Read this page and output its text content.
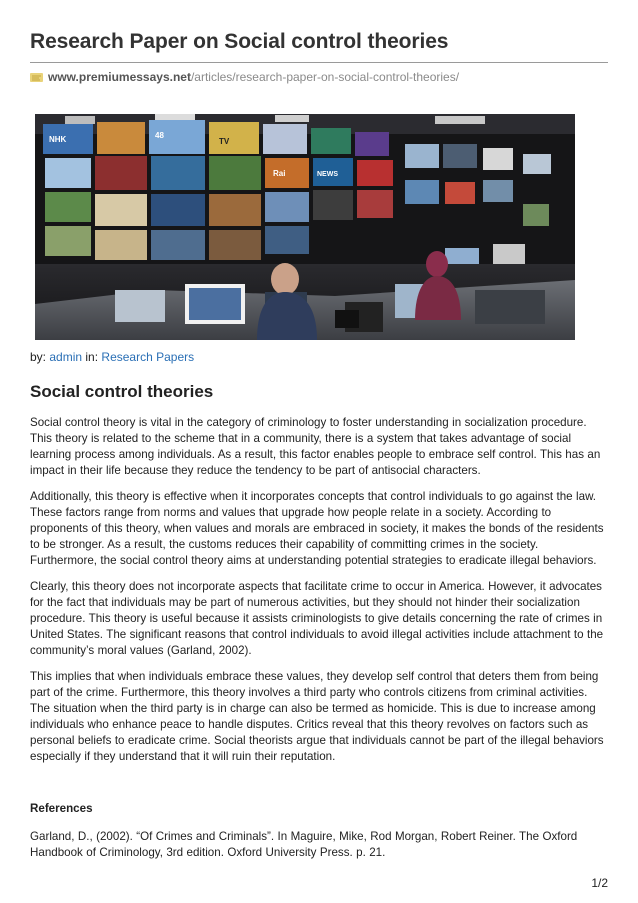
Research Paper on Social control theories
www.premiumessays.net/articles/research-paper-on-social-control-theories/
NHK	48
TV
Rai	NEWS
by: admin in: Research Papers
Social control theories

Social control theory is vital in the category of criminology to foster understanding in socialization procedure. This theory is related to the scheme that in a community, there is a system that takes advantage of social learning process among individuals. As a result, this factor enables people to embrace self control. This has an impact in their life because they reduce the tendency to be part of antisocial characters.

Additionally, this theory is effective when it incorporates concepts that control individuals to go against the law. These factors range from norms and values that upgrade how people relate in a society. According to proponents of this theory, when values and morals are embraced in society, it makes the bonds of the residents to be stronger. As a result, the customs reduces their capability of committing crimes in the society. Furthermore, the social control theory aims at understanding potential strategies to eradicate illegal behaviors.

Clearly, this theory does not incorporate aspects that facilitate crime to occur in America. However, it advocates for the fact that individuals may be part of numerous activities, but they should not hinder their socialization procedure. This theory is useful because it assists criminologists to give details concerning the rate of crimes in United States. The significant reasons that control individuals to avoid illegal activities include attachment to the community’s moral values (Garland, 2002).

This implies that when individuals embrace these values, they develop self control that deters them from being part of the crime. Furthermore, this theory involves a third party who controls citizens from criminal activities. The situation when the third party is in charge can also be termed as homicide. This is due to increase among individuals who enhance peace to handle disputes. Critics reveal that this theory revolves on factors such as personal beliefs to eradicate crime. Social theorists argue that individuals cannot be part of the illegal behaviors especially if they understand that it will ruin their reputation.

References

Garland, D., (2002). “Of Crimes and Criminals”. In Maguire, Mike, Rod Morgan, Robert Reiner. The Oxford Handbook of Criminology, 3rd edition. Oxford University Press. p. 21.

1/2
